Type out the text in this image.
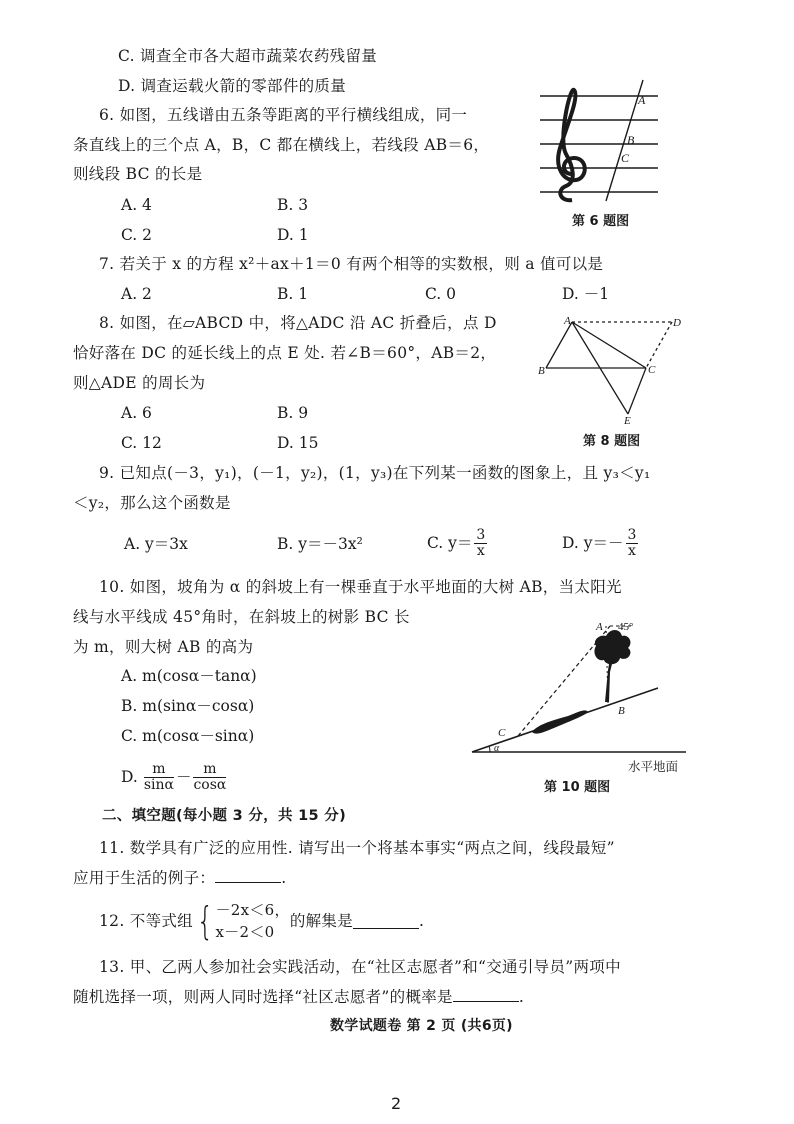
C. 调查全市各大超市蔬菜农药残留量
D. 调查运载火箭的零部件的质量
6. 如图，五线谱由五条等距离的平行横线组成，同一
条直线上的三个点 A，B，C 都在横线上，若线段 AB＝6，
则线段 BC 的长是
A. 4	B. 3
C. 2	D. 1
A
B
C
第 6 题图
7. 若关于 x 的方程 x²＋ax＋1＝0 有两个相等的实数根，则 a 值可以是
A. 2	B. 1	C. 0	D. －1
8. 如图，在▱ABCD 中，将△ADC 沿 AC 折叠后，点 D
恰好落在 DC 的延长线上的点 E 处. 若∠B＝60°，AB＝2，
则△ADE 的周长为
A. 6	B. 9
C. 12	D. 15
A	D
B	C
E
第 8 题图
9. 已知点(－3，y₁)，(－1，y₂)，(1，y₃)在下列某一函数的图象上，且 y₃＜y₁
＜y₂，那么这个函数是
A. y＝3x	B. y＝－3x²	C. $y= \frac{3}{x}$	D. $y=- \frac{3}{x}$
10. 如图，坡角为 α 的斜坡上有一棵垂直于水平地面的大树 AB，当太阳光
线与水平线成 45°角时，在斜坡上的树影 BC 长
为 m，则大树 AB 的高为
A. m(cosα－tanα)
B. m(sinα－cosα)
C. m(cosα－sinα)
D. $\frac{m}{\sin\alpha} - \frac{m}{\cos\alpha}$
A 45°
B
C
α
水平地面
第 10 题图
二、填空题(每小题 3 分，共 15 分)
11. 数学具有广泛的应用性. 请写出一个将基本事实“两点之间，线段最短”
应用于生活的例子：	.
12. 不等式组 { －2x＜6，
x－2＜0
的解集是	.
13. 甲、乙两人参加社会实践活动，在“社区志愿者”和“交通引导员”两项中
随机选择一项，则两人同时选择“社区志愿者”的概率是	.
数学试题卷 第 2 页 (共6页)
2
